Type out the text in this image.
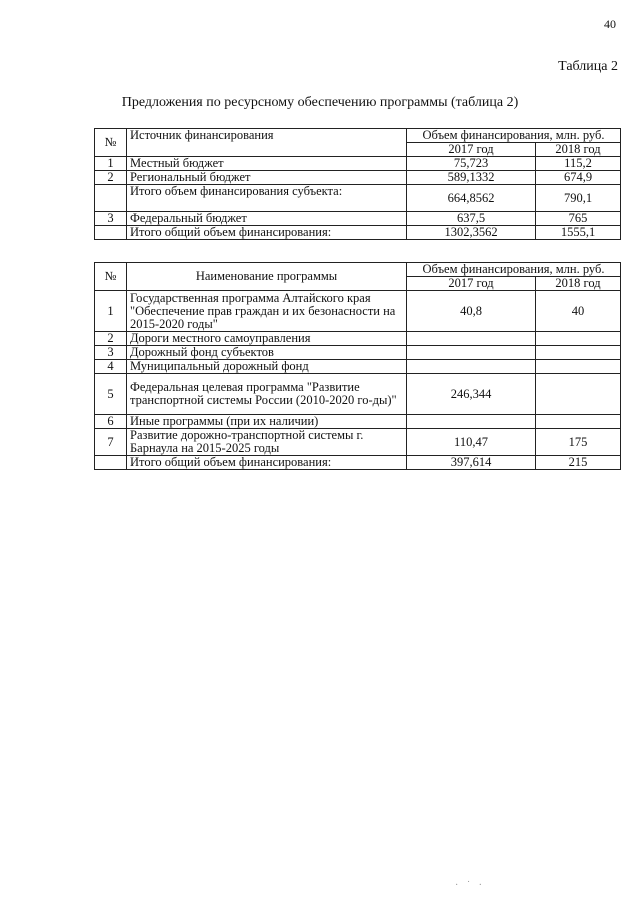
40
Таблица 2
Предложения по ресурсному обеспечению программы (таблица 2)
№	Источник финансирования	Объем финансирования, млн. руб.	
		2017 год	2018 год
1	Местный бюджет	75,723	115,2
2	Региональный бюджет	589,1332	674,9
	Итого объем финансирования субъекта:	664,8562	790,1
3	Федеральный бюджет	637,5	765
	Итого общий объем финансирования:	1302,3562	1555,1
№	Наименование программы	Объем финансирования, млн. руб.	
		2017 год	2018 год
1	Государственная программа Алтайского края "Обеспечение прав граждан и их безонасности на 2015-2020 годы"	40,8	40
2	Дороги местного самоуправления		
3	Дорожный фонд субъектов		
4	Муниципальный дорожный фонд		
5	Федеральная целевая программа "Развитие транспортной системы России (2010-2020 го-ды)"	246,344	
6	Иные программы (при их наличии)		
7	Развитие дорожно-транспортной системы г. Барнаула на 2015-2025 годы	110,47	175
	Итого общий объем финансирования:	397,614	215
· ˙ ·
